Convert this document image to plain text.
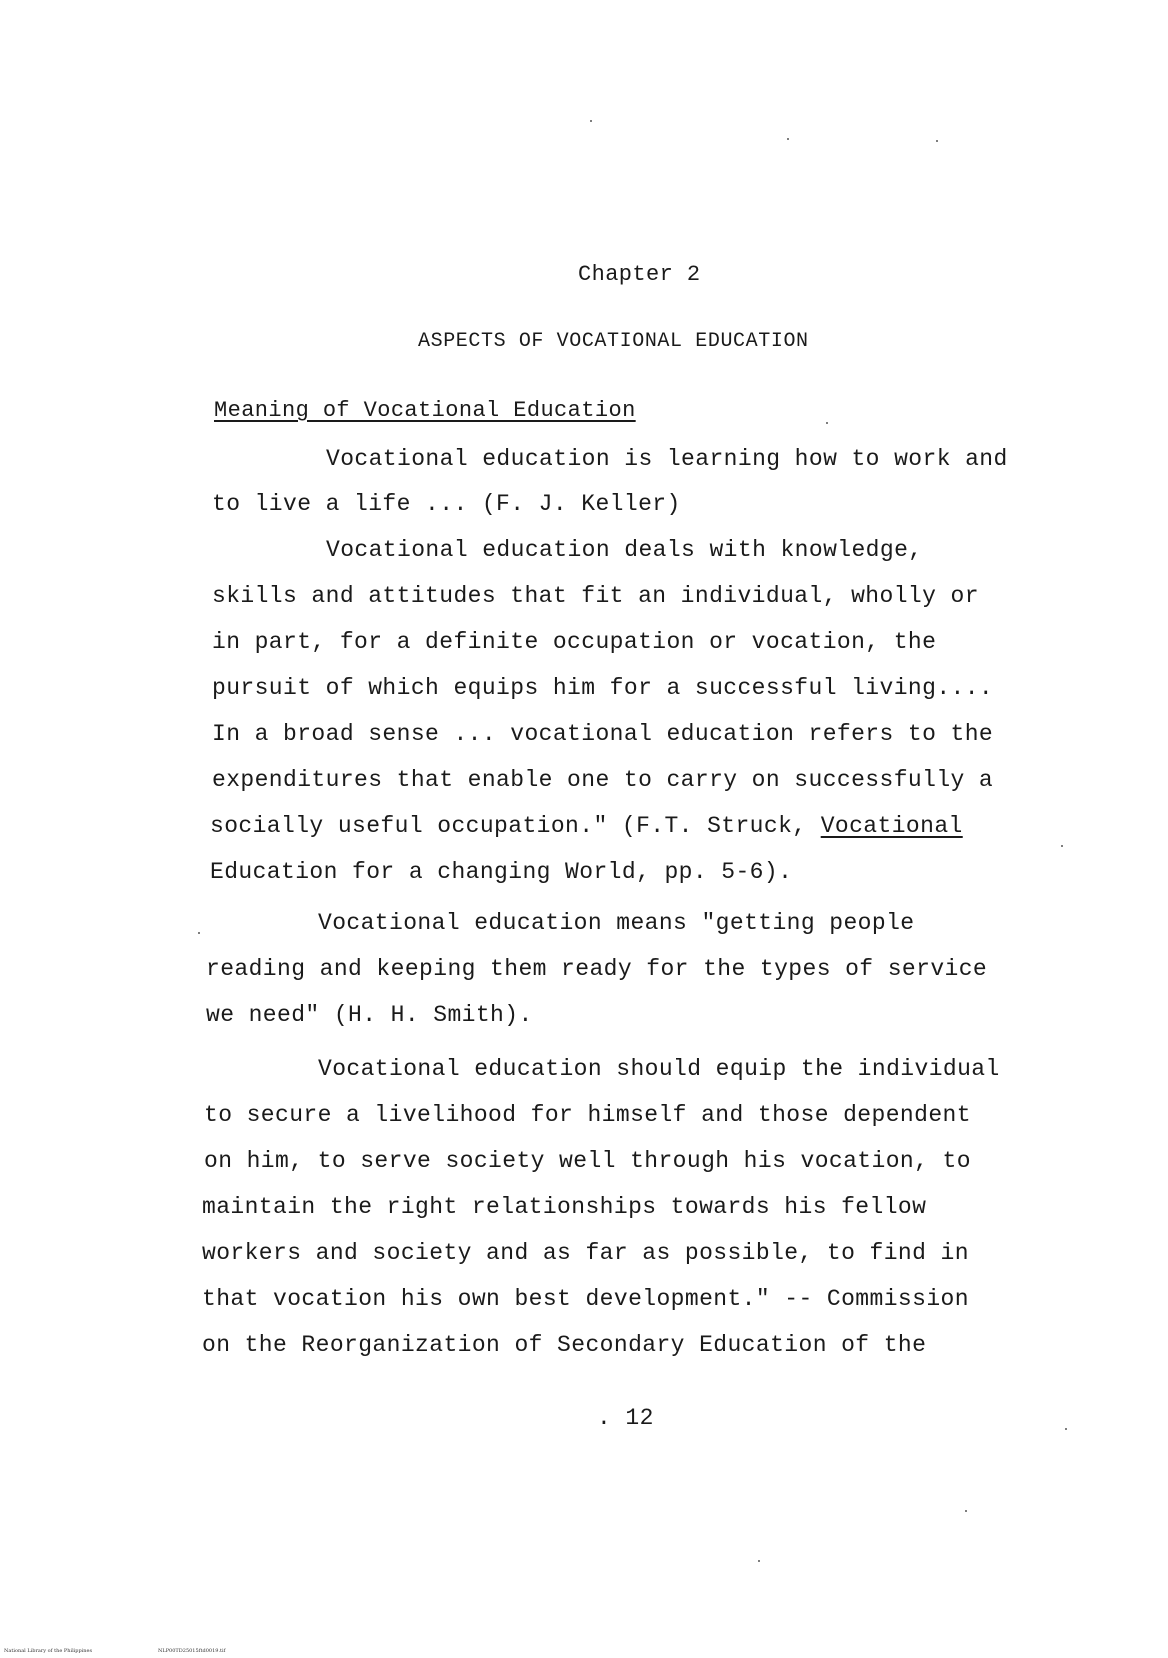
Chapter 2
ASPECTS OF VOCATIONAL EDUCATION
Meaning of Vocational Education
Vocational education is learning how to work and
to live a life ... (F. J. Keller)
Vocational education deals with knowledge,
skills and attitudes that fit an individual, wholly or
in part, for a definite occupation or vocation, the
pursuit of which equips him for a successful living....
In a broad sense ... vocational education refers to the
expenditures that enable one to carry on successfully a
socially useful occupation." (F.T. Struck, Vocational
Education for a changing World, pp. 5-6).
Vocational education means "getting people
reading and keeping them ready for the types of service
we need" (H. H. Smith).
Vocational education should equip the individual
to secure a livelihood for himself and those dependent
on him, to serve society well through his vocation, to
maintain the right relationships towards his fellow
workers and society and as far as possible, to find in
that vocation his own best development." -- Commission
on the Reorganization of Secondary Education of the
. 12
National Library of the Philippines	NLP00TD25015ftd0019.tif
